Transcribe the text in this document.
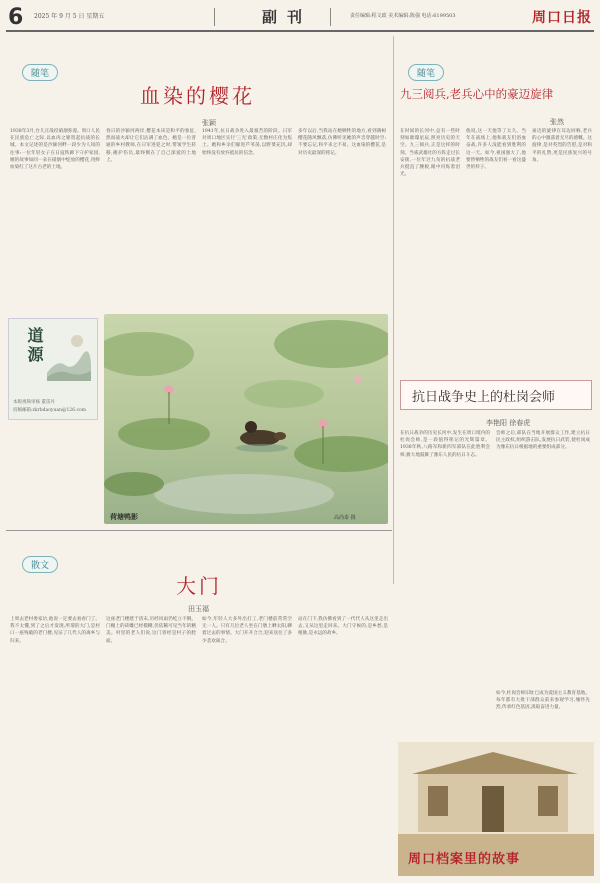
6 2025 年 9 月 5 日 星期五	副刊	责任编辑:程文政 美术编辑:陈强 电话:6199503	周口日报
随笔
血染的樱花
张颖
1938年3月,台儿庄战役硝烟弥漫。周口人民在民族危亡之际,以血肉之躯筑起抗战的长城。本文记述的是沙颍河畔一段少为人知的往事:一位年轻女子在日寇铁蹄下守护家园,她的故事如同一朵在硝烟中绽放的樱花,用鲜血染红了这片古老的土地。
春日的沙颍河两岸,樱花本该是和平的象征,然而战火却让它们沾满了血色。她是一位普通的乡村教师,在日军进犯之时,带领学生转移,掩护伤员,最终倒在了自己深爱的土地上。
1941年,抗日战争进入最艰苦的阶段。日军对周口地区实行'三光'政策,无数村庄化为焦土。她和乡亲们躲进芦苇荡,以野菜充饥,却始终没有放弃抵抗的信念。
多年以后,当我站在她牺牲的地方,看到满树樱花随风飘落,仿佛听见她的声音穿越时空:不要忘记,和平来之不易。这血染的樱花,是对历史最深的铭记。
随笔
九三阅兵,老兵心中的豪迈旋律
张然
在时间的长河中,总有一些时刻如璀璨星辰,照亮历史的天空。九三阅兵,正是这样的时刻。当威武雄壮的方阵走过长安街,一位年过九旬的抗战老兵挺直了腰板,眼中闪烁着泪光。
他说,这一天他等了太久。当年在战场上,他和战友们浴血奋战,许多人没能看到胜利的这一天。如今,祖国强大了,他要替牺牲的战友们看一看这盛世的样子。
豪迈的旋律在耳边回响,老兵的心中激荡着无尽的感慨。这旋律,是对英烈的告慰,是对和平的礼赞,更是民族复兴的号角。
道源
本版视频审核 董雷丹
投稿邮箱:zkrbdaoyuan@126.com
荷塘鸭影	高尚泰 摄
抗日战争史上的杜岗会师
李艳阳 徐春虎
在抗日战争的历史长河中,发生在周口境内的杜岗会师,是一段值得铭记的光辉篇章。1938年秋,八路军和新四军部队在此胜利会师,极大地鼓舞了豫东人民的抗日斗志。
会师之后,部队在当地开展群众工作,建立抗日民主政权,组织游击队,发展抗日武装,使杜岗成为豫东抗日根据地的重要组成部分。
如今,杜岗会师旧址已成为爱国主义教育基地。每年都有大批干部群众前来参观学习,缅怀先烈,传承红色基因,汲取奋进力量。
散文
大门
田玉福
上周去老村委家访,他说一定要去看看门了。我不太懂,到了之后才发现,所谓的大门,是村口一座残破的老门楼,见证了几代人的离乡与归来。
这座老门楼建于清末,历经风雨仍屹立不倒。门楣上的砖雕已经模糊,但依稀可见当年的精美。村里的老人们说,这门曾经是村子的脸面。
如今,年轻人大多外出打工,老门楼前常常空无一人。只有几位老人坐在门墩上晒太阳,聊着过去的事情。大门开开合合,迎来送往了多少悲欢离合。
站在门下,我仿佛看到了一代代人从这里走出去,又从这里走回来。大门守候的,是乡愁,是根脉,是永远的故乡。
周口档案里的故事
